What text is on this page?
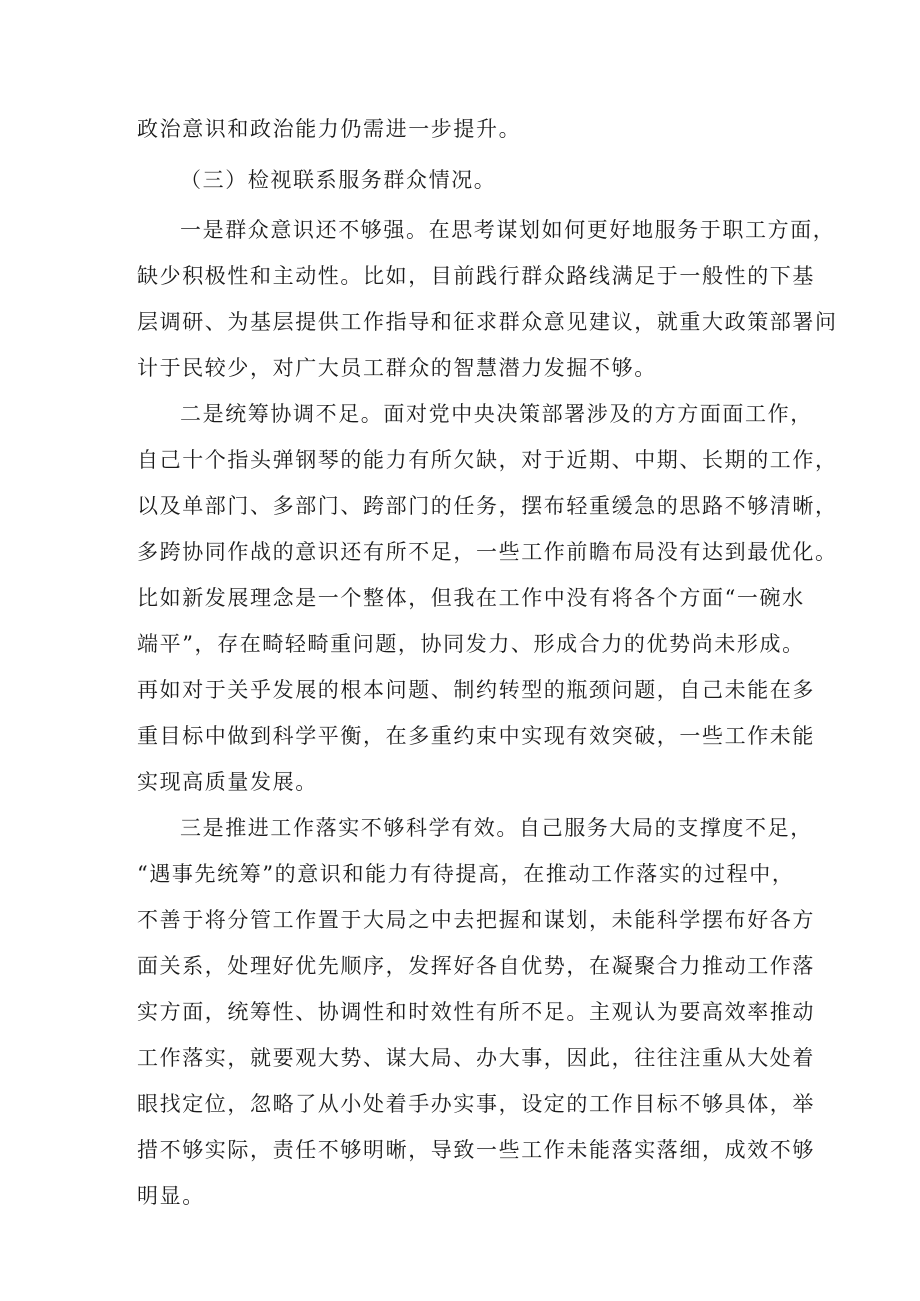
政治意识和政治能力仍需进一步提升。
（三）检视联系服务群众情况。
一是群众意识还不够强。在思考谋划如何更好地服务于职工方面，
缺少积极性和主动性。比如，目前践行群众路线满足于一般性的下基
层调研、为基层提供工作指导和征求群众意见建议，就重大政策部署问
计于民较少，对广大员工群众的智慧潜力发掘不够。
二是统筹协调不足。面对党中央决策部署涉及的方方面面工作，
自己十个指头弹钢琴的能力有所欠缺，对于近期、中期、长期的工作，
以及单部门、多部门、跨部门的任务，摆布轻重缓急的思路不够清晰，
多跨协同作战的意识还有所不足，一些工作前瞻布局没有达到最优化。
比如新发展理念是一个整体，但我在工作中没有将各个方面“一碗水
端平”，存在畸轻畸重问题，协同发力、形成合力的优势尚未形成。
再如对于关乎发展的根本问题、制约转型的瓶颈问题，自己未能在多
重目标中做到科学平衡，在多重约束中实现有效突破，一些工作未能
实现高质量发展。
三是推进工作落实不够科学有效。自己服务大局的支撑度不足，
“遇事先统筹”的意识和能力有待提高，在推动工作落实的过程中，
不善于将分管工作置于大局之中去把握和谋划，未能科学摆布好各方
面关系，处理好优先顺序，发挥好各自优势，在凝聚合力推动工作落
实方面，统筹性、协调性和时效性有所不足。主观认为要高效率推动
工作落实，就要观大势、谋大局、办大事，因此，往往注重从大处着
眼找定位，忽略了从小处着手办实事，设定的工作目标不够具体，举
措不够实际，责任不够明晰，导致一些工作未能落实落细，成效不够
明显。
